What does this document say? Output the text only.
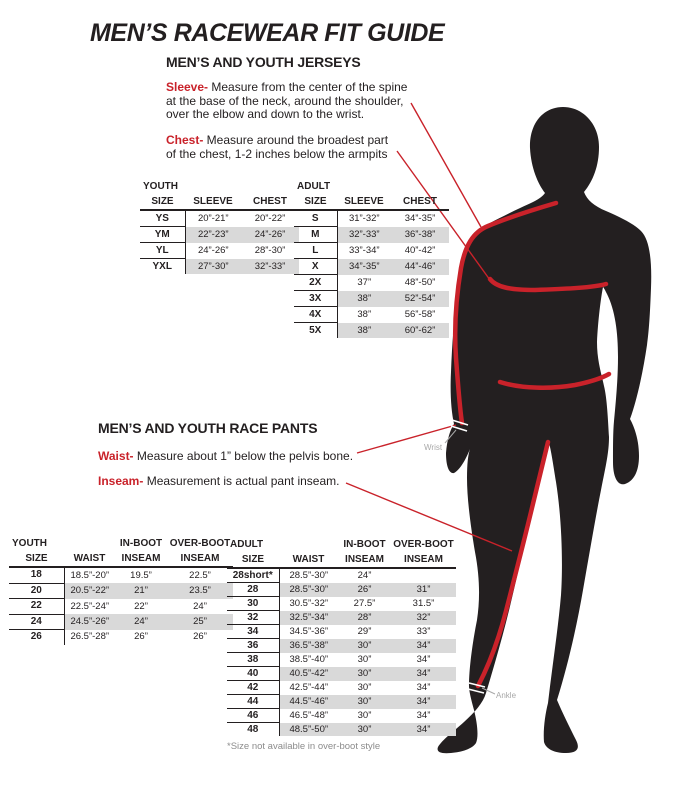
MEN’S RACEWEAR FIT GUIDE
MEN’S AND YOUTH JERSEYS
Sleeve- Measure from the center of the spine at the base of the neck, around the shoulder, over the elbow and down to the wrist.
Chest- Measure around the broadest part of the chest, 1-2 inches below the armpits
YOUTH		
SIZE	SLEEVE	CHEST
YS	20”-21”	20”-22”
YM	22”-23”	24”-26”
YL	24”-26”	28”-30”
YXL	27”-30”	32”-33”
ADULT		
SIZE	SLEEVE	CHEST
S	31”-32”	34”-35”
M	32”-33”	36”-38”
L	33”-34”	40”-42”
X	34”-35”	44”-46”
2X	37”	48”-50”
3X	38”	52”-54”
4X	38”	56”-58”
5X	38”	60”-62”
MEN’S AND YOUTH RACE PANTS
Waist- Measure about 1” below the pelvis bone.
Inseam- Measurement is actual pant inseam.
YOUTH		IN-BOOT	OVER-BOOT
SIZE	WAIST	INSEAM	INSEAM
18	18.5”-20”	19.5”	22.5”
20	20.5”-22”	21”	23.5”
22	22.5”-24”	22”	24”
24	24.5”-26”	24”	25”
26	26.5”-28”	26”	26”
ADULT		IN-BOOT	OVER-BOOT
SIZE	WAIST	INSEAM	INSEAM
28short*	28.5”-30”	24”	
28	28.5”-30”	26”	31”
30	30.5”-32”	27.5”	31.5”
32	32.5”-34”	28”	32”
34	34.5”-36”	29”	33”
36	36.5”-38”	30”	34”
38	38.5”-40”	30”	34”
40	40.5”-42”	30”	34”
42	42.5”-44”	30”	34”
44	44.5”-46”	30”	34”
46	46.5”-48”	30”	34”
48	48.5”-50”	30”	34”
*Size not available in over-boot style
Wrist
Ankle
